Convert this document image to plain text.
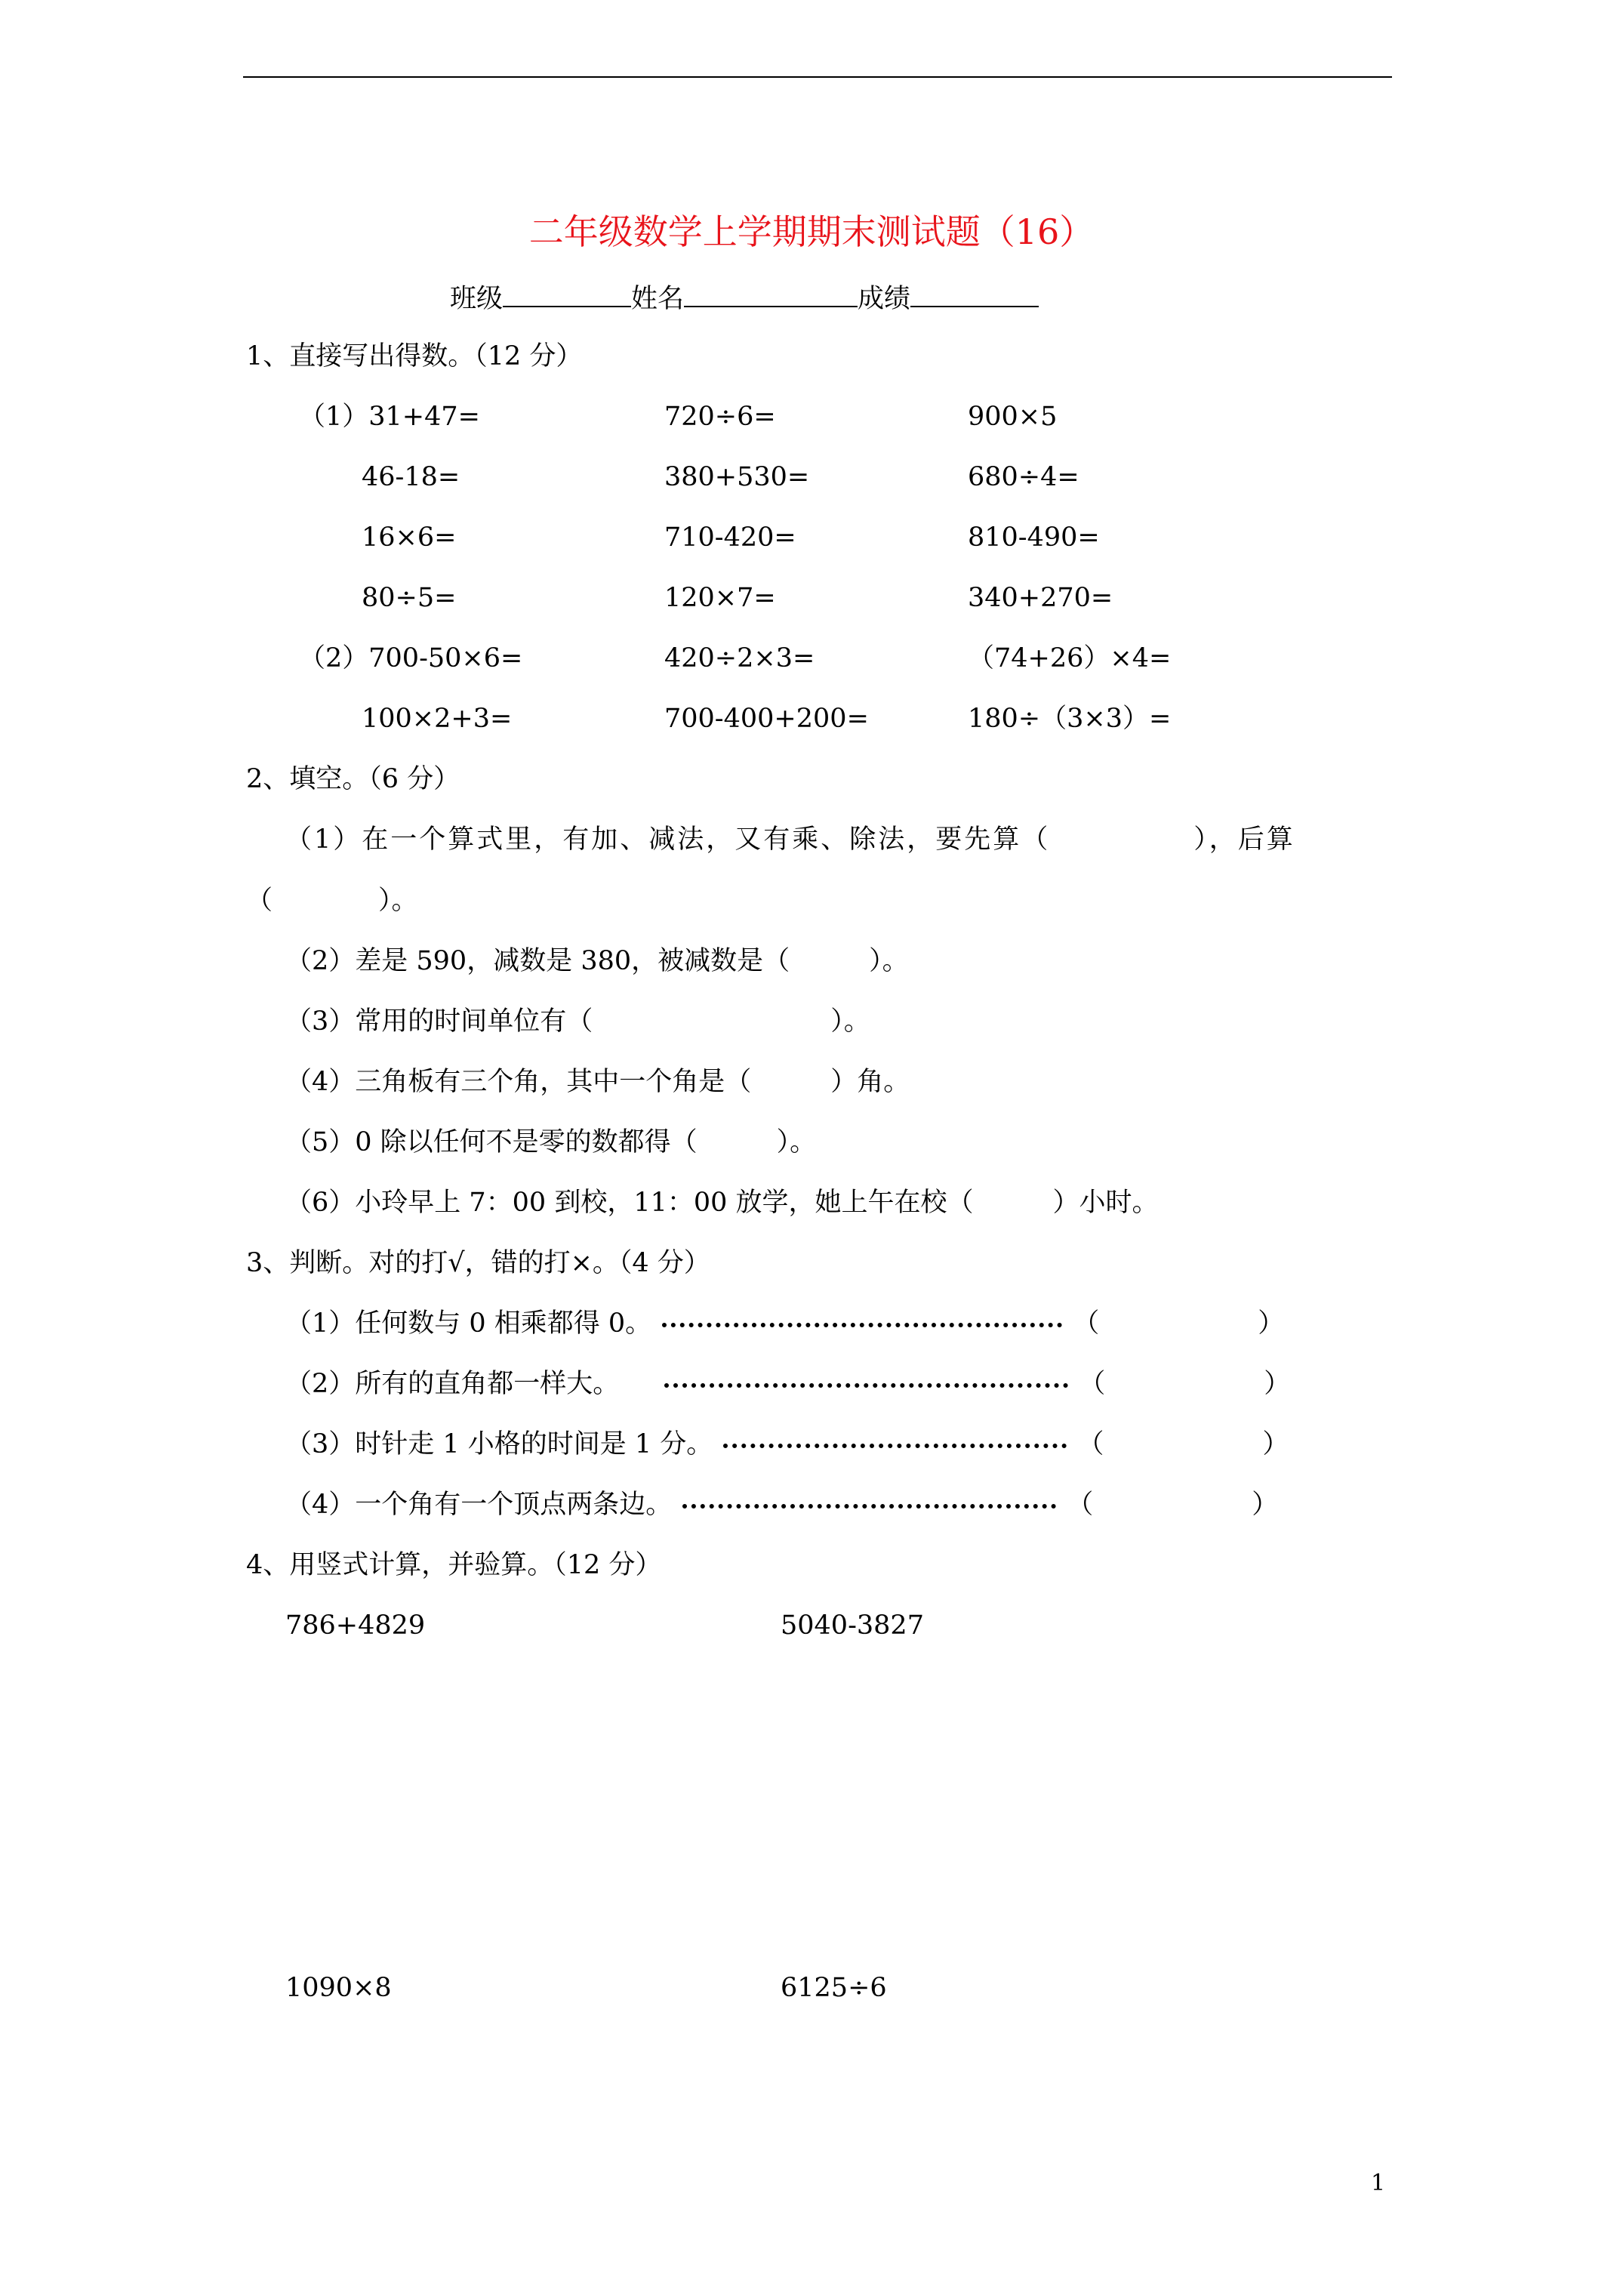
二年级数学上学期期末测试题（16）
班级	姓名	成绩
1、直接写出得数。（12 分）
（1）31+47=	720÷6=	900×5
46-18=	380+530=	680÷4=
16×6=	710-420=	810-490=
80÷5=	120×7=	340+270=
（2）700-50×6=	420÷2×3=	（74+26）×4=
100×2+3=	700-400+200=	180÷（3×3）=
2、填空。（6 分）
（1）在一个算式里，有加、减法，又有乘、除法，要先算（　　　　　），后算
（　　　　）。
（2）差是 590，减数是 380，被减数是（　　　）。
（3）常用的时间单位有（　　　　　　　　　）。
（4）三角板有三个角，其中一个角是（　　　）角。
（5）0 除以任何不是零的数都得（　　　）。
（6）小玲早上 7：00 到校，11：00 放学，她上午在校（　　　）小时。
3、判断。对的打√，错的打×。（4 分）
（1）任何数与 0 相乘都得 0。	（　　　　　　）
（2）所有的直角都一样大。	（　　　　　　）
（3）时针走 1 小格的时间是 1 分。	（　　　　　　）
（4）一个角有一个顶点两条边。	（　　　　　　）
4、用竖式计算，并验算。（12 分）
786+4829	5040-3827
1090×8	6125÷6
1
